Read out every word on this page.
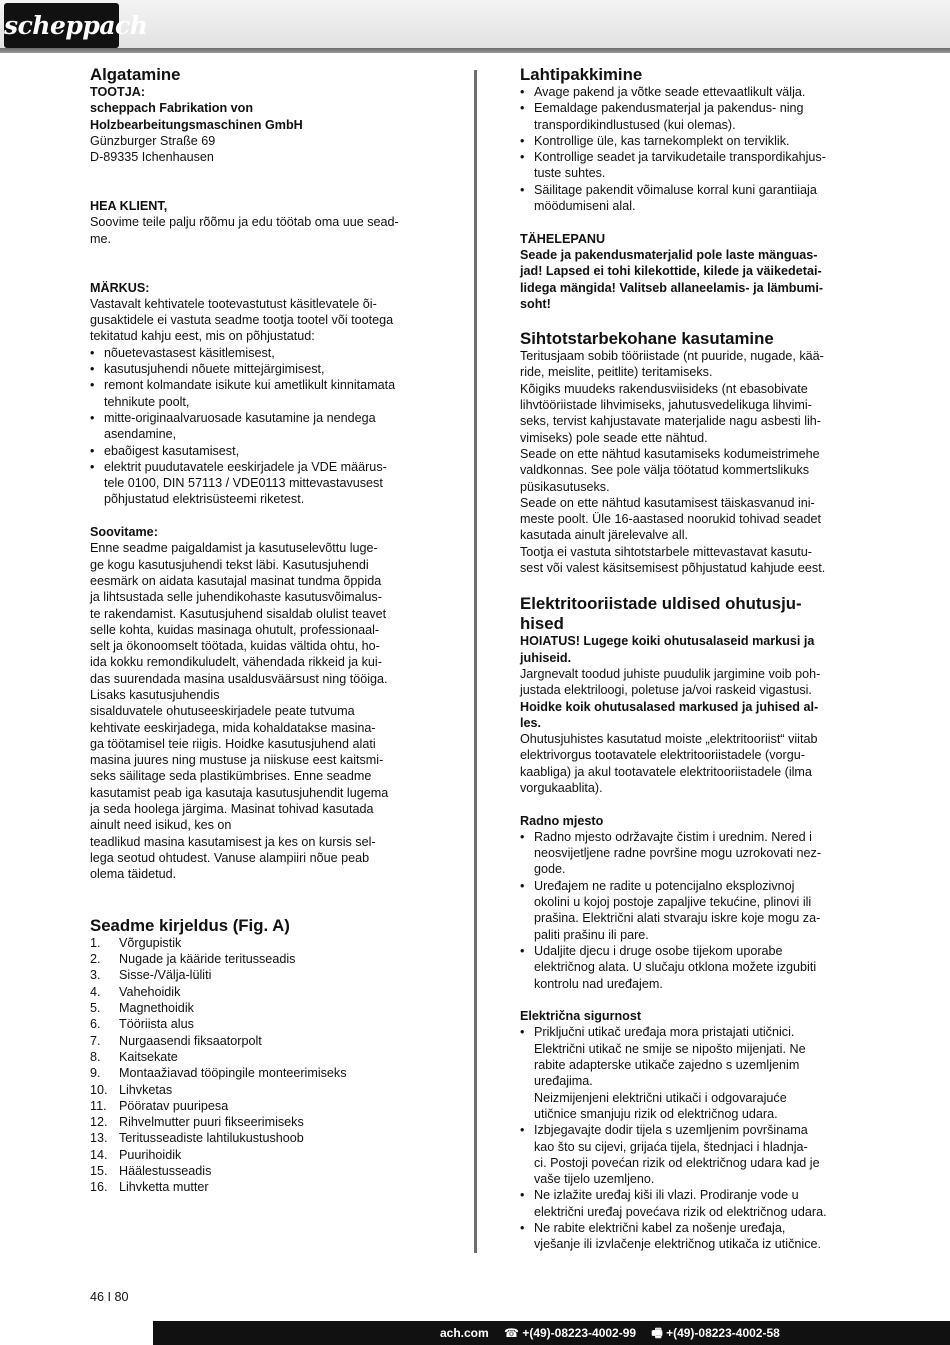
scheppach
Algatamine

TOOTJA:

scheppach Fabrikation von
Holzbearbeitungsmaschinen GmbH
Günzburger Straße 69
D-89335 Ichenhausen

HEA KLIENT,

Soovime teile palju rõõmu ja edu töötab oma uue sead-
me.

MÄRKUS:

Vastavalt kehtivatele tootevastutust käsitlevatele õi-
gusaktidele ei vastuta seadme tootja tootel või tootega
tekitatud kahju eest, mis on põhjustatud:
• nõuetevastasest käsitlemisest,
• kasutusjuhendi nõuete mittejärgimisest,
• remont kolmandate isikute kui ametlikult kinnitamata
tehnikute poolt,
• mitte-originaalvaruosade kasutamine ja nendega
asendamine,
• ebaõigest kasutamisest,
• elektrit puudutavatele eeskirjadele ja VDE määrus-
tele 0100, DIN 57113 / VDE0113 mittevastavusest
põhjustatud elektrisüsteemi riketest.

Soovitame:

Enne seadme paigaldamist ja kasutuselevõttu luge-
ge kogu kasutusjuhendi tekst läbi. Kasutusjuhendi
eesmärk on aidata kasutajal masinat tundma õppida
ja lihtsustada selle juhendikohaste kasutusvõimalus-
te rakendamist. Kasutusjuhend sisaldab olulist teavet
selle kohta, kuidas masinaga ohutult, professionaal-
selt ja ökonoomselt töötada, kuidas vältida ohtu, ho-
ida kokku remondikuludelt, vähendada rikkeid ja kui-
das suurendada masina usaldusväärsust ning tööiga.
Lisaks kasutusjuhendis
sisalduvatele ohutuseeskirjadele peate tutvuma
kehtivate eeskirjadega, mida kohaldatakse masina-
ga töötamisel teie riigis. Hoidke kasutusjuhend alati
masina juures ning mustuse ja niiskuse eest kaitsmi-
seks säilitage seda plastikümbrises. Enne seadme
kasutamist peab iga kasutaja kasutusjuhendit lugema
ja seda hoolega järgima. Masinat tohivad kasutada
ainult need isikud, kes on
teadlikud masina kasutamisest ja kes on kursis sel-
lega seotud ohtudest. Vanuse alampiiri nõue peab
olema täidetud.
Seadme kirjeldus (Fig. A)
1.	Võrgupistik
2.	Nugade ja kääride teritusseadis
3.	Sisse-/Välja-lüliti
4.	Vahehoidik
5.	Magnethoidik
6.	Tööriista alus
7.	Nurgaasendi fiksaatorpolt
8.	Kaitsekate
9.	Montaažiavad tööpingile monteerimiseks
10. Lihvketas
11. Pööratav puuripesa
12. Rihvelmutter puuri fikseerimiseks
13. Teritusseadiste lahtilukustushoob
14. Puurihoidik
15. Häälestusseadis
16. Lihvketta mutter
Lahtipakkimine
• Avage pakend ja võtke seade ettevaatlikult välja.
• Eemaldage pakendusmaterjal ja pakendus- ning
transpordikindlustused (kui olemas).
• Kontrollige üle, kas tarnekomplekt on terviklik.
• Kontrollige seadet ja tarvikudetaile transpordikahjus-
tuste suhtes.
• Säilitage pakendit võimaluse korral kuni garantiiaja
möödumiseni alal.

TÄHELEPANU

Seade ja pakendusmaterjalid pole laste mänguas-
jad! Lapsed ei tohi kilekottide, kilede ja väikedetai-
lidega mängida! Valitseb allaneelamis- ja lämbumi-
soht!
Sihtotstarbekohane kasutamine
Teritusjaam sobib tööriistade (nt puuride, nugade, kää-
ride, meislite, peitlite) teritamiseks.
Kõigiks muudeks rakendusviisideks (nt ebasobivate
lihvtööriistade lihvimiseks, jahutusvedelikuga lihvimi-
seks, tervist kahjustavate materjalide nagu asbesti lih-
vimiseks) pole seade ette nähtud.
Seade on ette nähtud kasutamiseks kodumeistrimehe
valdkonnas. See pole välja töötatud kommertslikuks
püsikasutuseks.
Seade on ette nähtud kasutamisest täiskasvanud ini-
meste poolt. Üle 16-aastased noorukid tohivad seadet
kasutada ainult järelevalve all.
Tootja ei vastuta sihtotstarbele mittevastavat kasutu-
sest või valest käsitsemisest põhjustatud kahjude eest.
Elektritooriistade uldised ohutusju-
hised
HOIATUS! Lugege koiki ohutusalaseid markusi ja
juhiseid.
Jargnevalt toodud juhiste puudulik jargimine voib poh-
justada elektriloogi, poletuse ja/voi raskeid vigastusi.
Hoidke koik ohutusalased markused ja juhised al-
les.
Ohutusjuhistes kasutatud moiste „elektritooriist“ viitab
elektrivorgus tootavatele elektritooriistadele (vorgu-
kaabliga) ja akul tootavatele elektritooriistadele (ilma
vorgukaablita).

Radno mjesto

• Radno mjesto održavajte čistim i urednim. Nered i
neosvijetljene radne površine mogu uzrokovati nez-
gode.
• Uređajem ne radite u potencijalno eksplozivnoj
okolini u kojoj postoje zapaljive tekućine, plinovi ili
prašina. Električni alati stvaraju iskre koje mogu za-
paliti prašinu ili pare.
• Udaljite djecu i druge osobe tijekom uporabe
električnog alata. U slučaju otklona možete izgubiti
kontrolu nad uređajem.

Električna sigurnost

• Priključni utikač uređaja mora pristajati utičnici.
Električni utikač ne smije se nipošto mijenjati. Ne
rabite adapterske utikače zajedno s uzemljenim
uređajima.
Neizmijenjeni električni utikači i odgovarajuće
utičnice smanjuju rizik od električnog udara.
• Izbjegavajte dodir tijela s uzemljenim površinama
kao što su cijevi, grijaća tijela, štednjaci i hladnja-
ci. Postoji povećan rizik od električnog udara kad je
vaše tijelo uzemljeno.
• Ne izlažite uređaj kiši ili vlazi. Prodiranje vode u
električni uređaj povećava rizik od električnog udara.
• Ne rabite električni kabel za nošenje uređaja,
vješanje ili izvlačenje električnog utikača iz utičnice.
46 I 80
ach.com ☎ +(49)-08223-4002-99 🖷 +(49)-08223-4002-58
